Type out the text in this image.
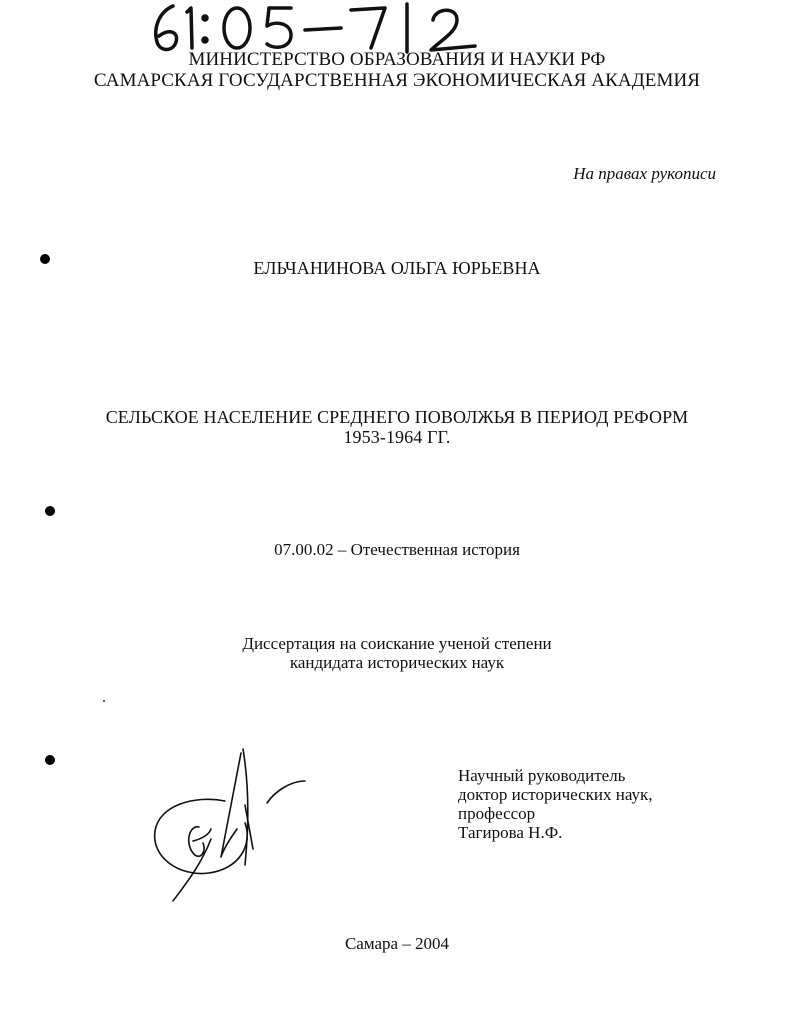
МИНИСТЕРСТВО ОБРАЗОВАНИЯ И НАУКИ РФ
САМАРСКАЯ ГОСУДАРСТВЕННАЯ ЭКОНОМИЧЕСКАЯ АКАДЕМИЯ
На правах рукописи
ЕЛЬЧАНИНОВА ОЛЬГА ЮРЬЕВНА
СЕЛЬСКОЕ НАСЕЛЕНИЕ СРЕДНЕГО ПОВОЛЖЬЯ В ПЕРИОД РЕФОРМ
1953-1964 ГГ.
07.00.02 – Отечественная история
Диссертация на соискание ученой степени
кандидата исторических наук
Научный руководитель
доктор исторических наук,
профессор
Тагирова Н.Ф.
Самара – 2004
